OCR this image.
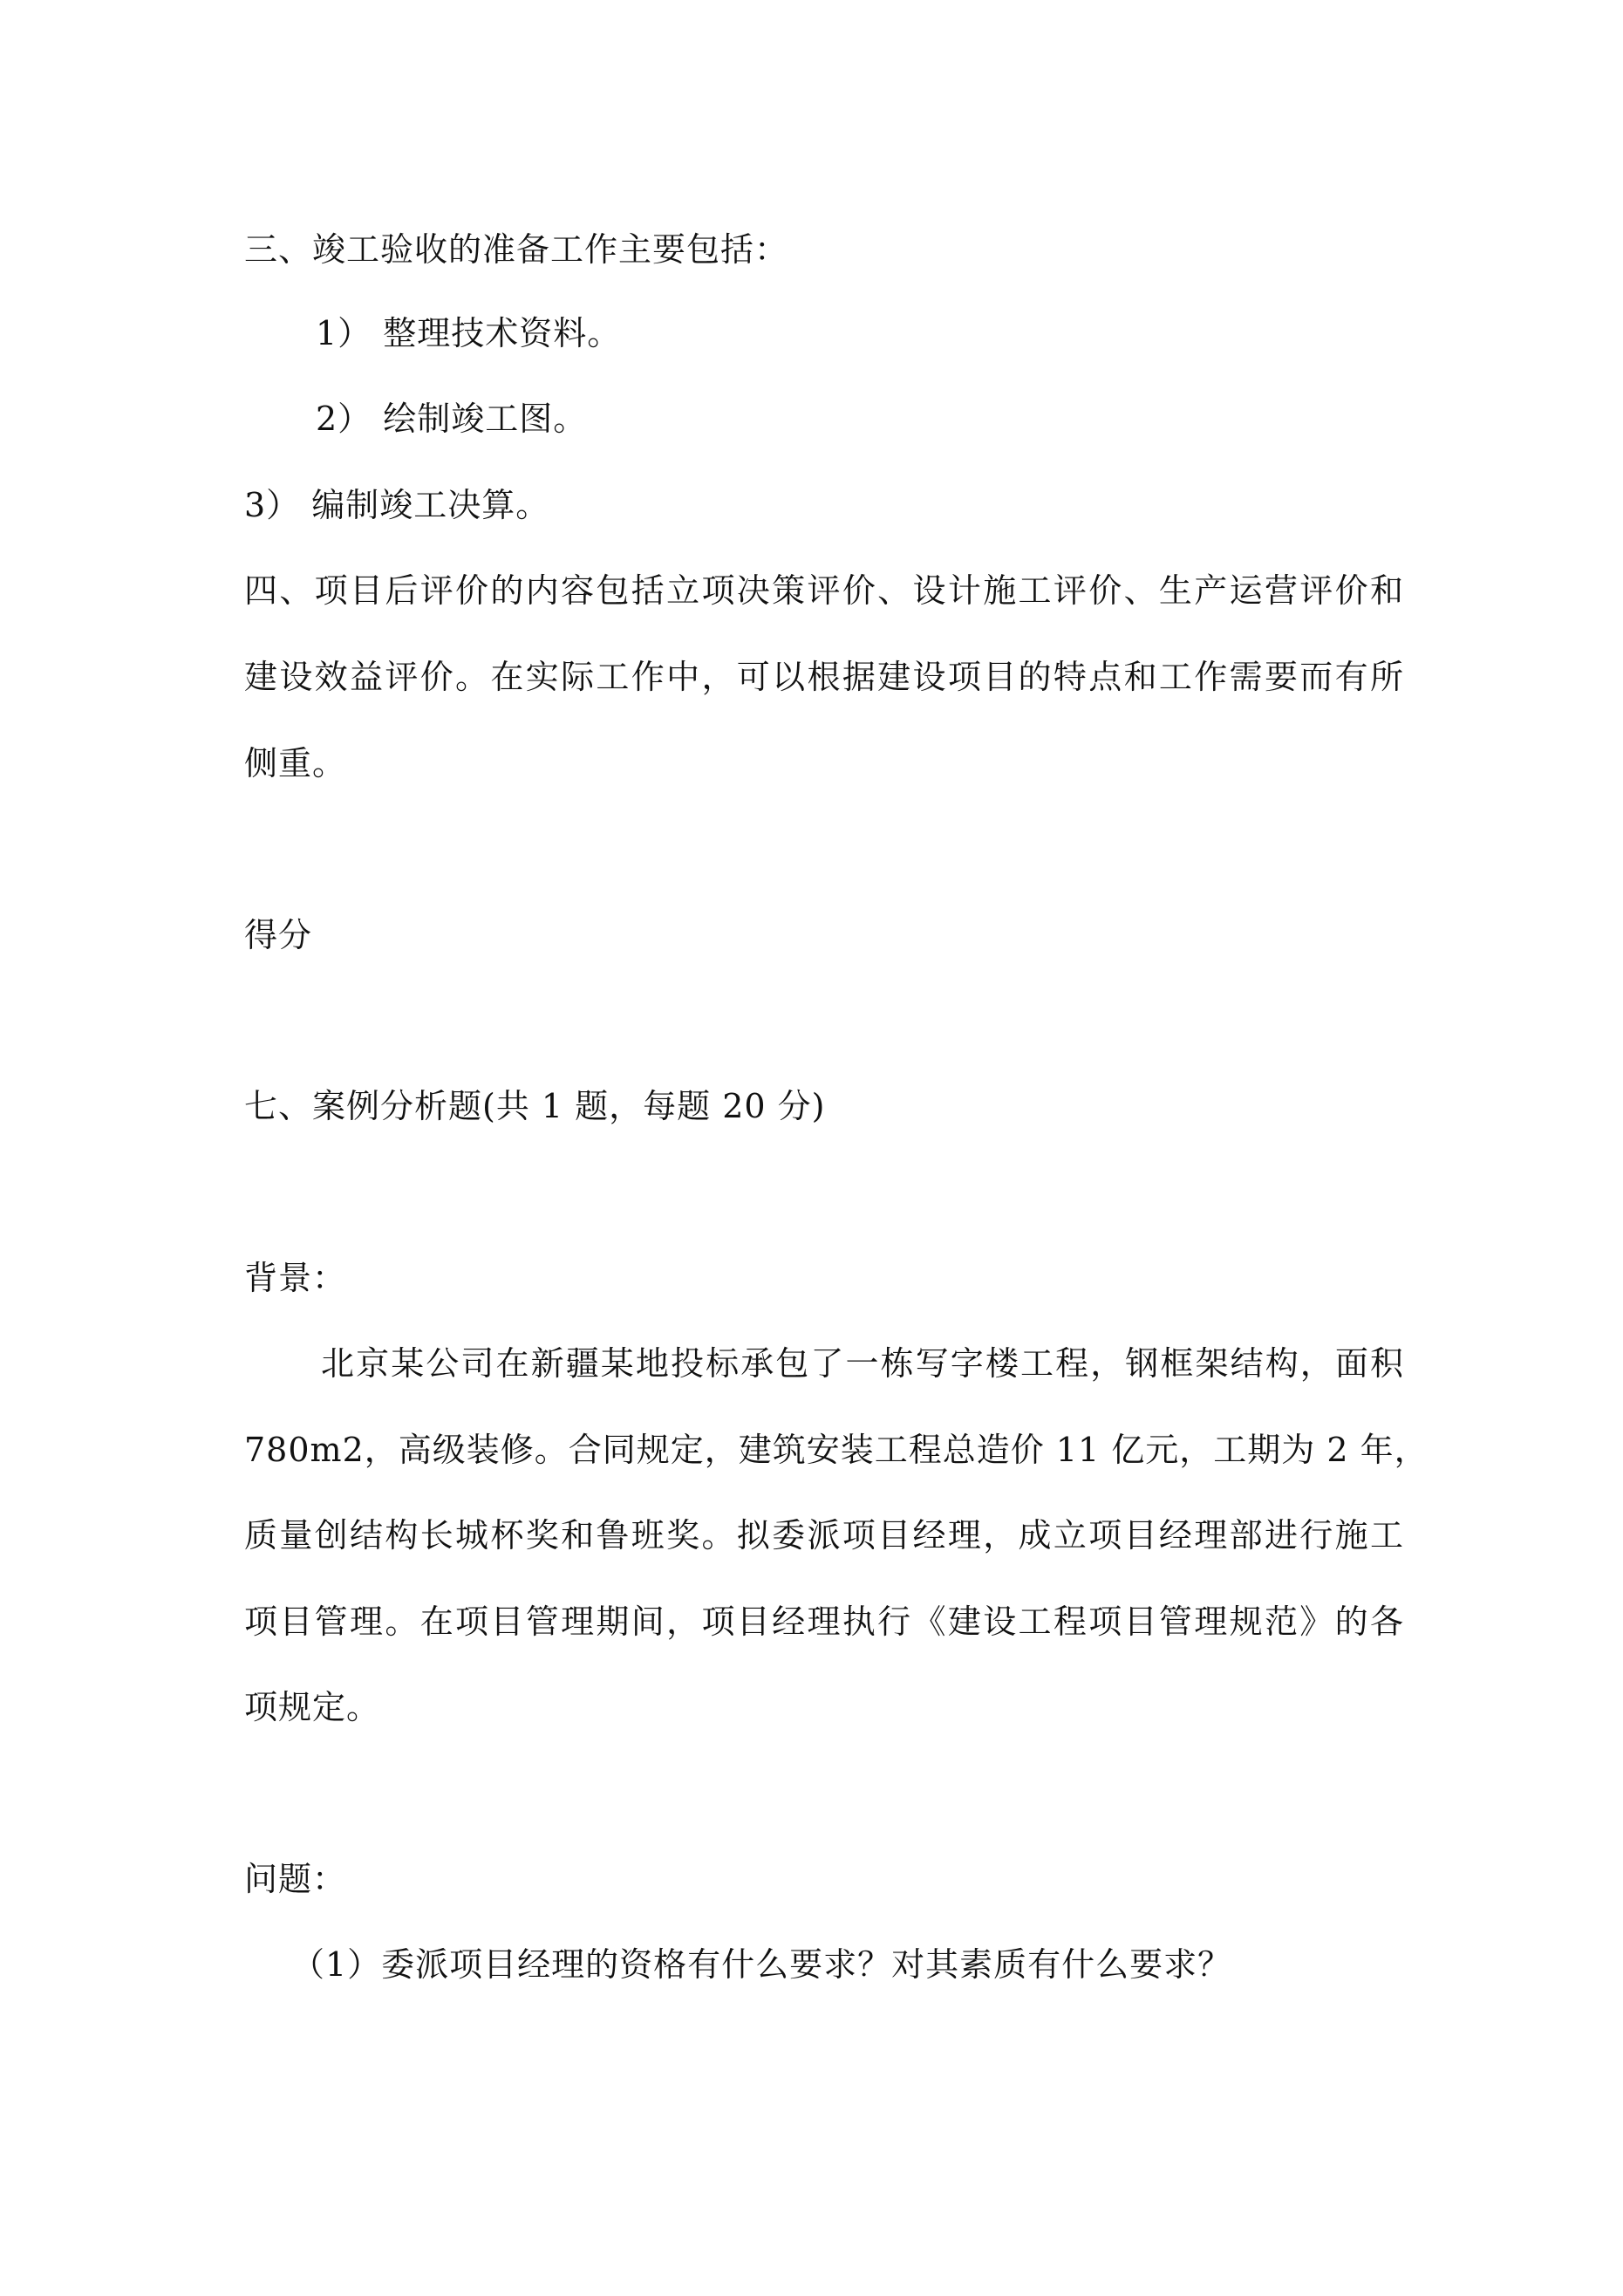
三、竣工验收的准备工作主要包括：
1） 整理技术资料。
2） 绘制竣工图。
3） 编制竣工决算。
四、项目后评价的内容包括立项决策评价、设计施工评价、生产运营评价和
建设效益评价。在实际工作中，可以根据建设项目的特点和工作需要而有所
侧重。
得分
七、案例分析题(共 1 题，每题 20 分)
背景：
北京某公司在新疆某地投标承包了一栋写字楼工程，钢框架结构，面积
780m2，高级装修。合同规定，建筑安装工程总造价 11 亿元，工期为 2 年，
质量创结构长城杯奖和鲁班奖。拟委派项目经理，成立项目经理部进行施工
项目管理。在项目管理期间，项目经理执行《建设工程项目管理规范》的各
项规定。
问题：
（1）委派项目经理的资格有什么要求？对其素质有什么要求？
